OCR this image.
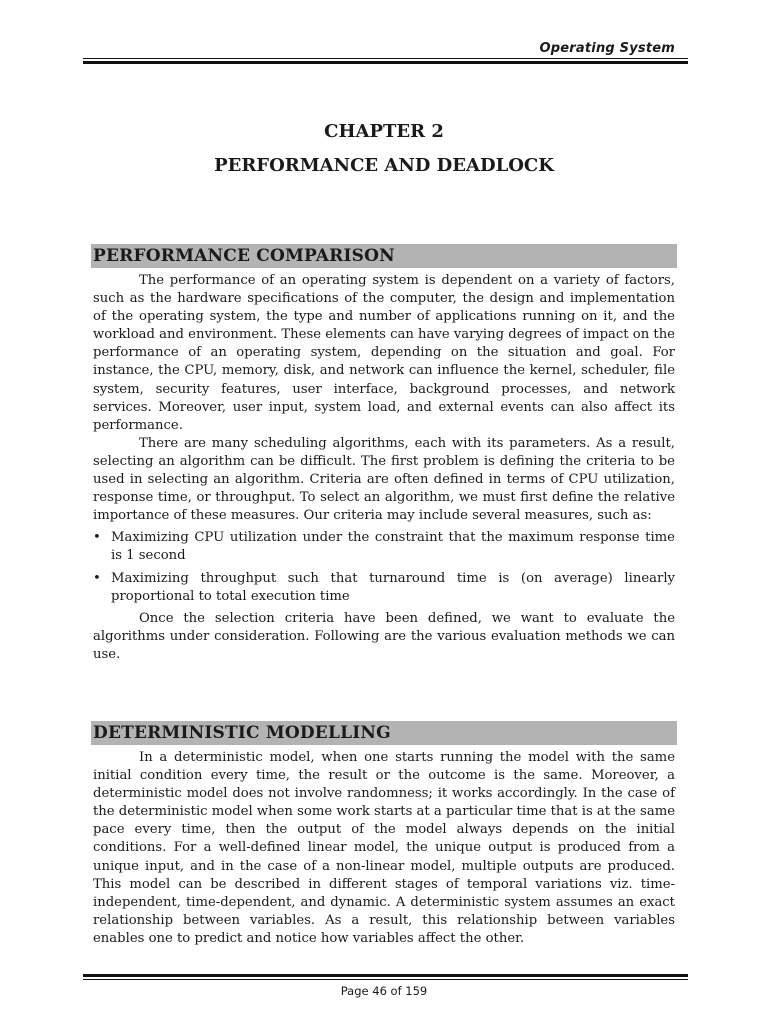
Operating System
CHAPTER 2
PERFORMANCE AND DEADLOCK
PERFORMANCE COMPARISON

The performance of an operating system is dependent on a variety of factors, such as the hardware specifications of the computer, the design and implementation of the operating system, the type and number of applications running on it, and the workload and environment. These elements can have varying degrees of impact on the performance of an operating system, depending on the situation and goal. For instance, the CPU, memory, disk, and network can influence the kernel, scheduler, file system, security features, user interface, background processes, and network services. Moreover, user input, system load, and external events can also affect its performance.

There are many scheduling algorithms, each with its parameters. As a result, selecting an algorithm can be difficult. The first problem is defining the criteria to be used in selecting an algorithm. Criteria are often defined in terms of CPU utilization, response time, or throughput. To select an algorithm, we must first define the relative importance of these measures. Our criteria may include several measures, such as:

• Maximizing CPU utilization under the constraint that the maximum response time is 1 second
• Maximizing throughput such that turnaround time is (on average) linearly proportional to total execution time

Once the selection criteria have been defined, we want to evaluate the algorithms under consideration. Following are the various evaluation methods we can use.

DETERMINISTIC MODELLING

In a deterministic model, when one starts running the model with the same initial condition every time, the result or the outcome is the same. Moreover, a deterministic model does not involve randomness; it works accordingly. In the case of the deterministic model when some work starts at a particular time that is at the same pace every time, then the output of the model always depends on the initial conditions. For a well-defined linear model, the unique output is produced from a unique input, and in the case of a non-linear model, multiple outputs are produced. This model can be described in different stages of temporal variations viz. time-independent, time-dependent, and dynamic. A deterministic system assumes an exact relationship between variables. As a result, this relationship between variables enables one to predict and notice how variables affect the other.

Page 46 of 159
